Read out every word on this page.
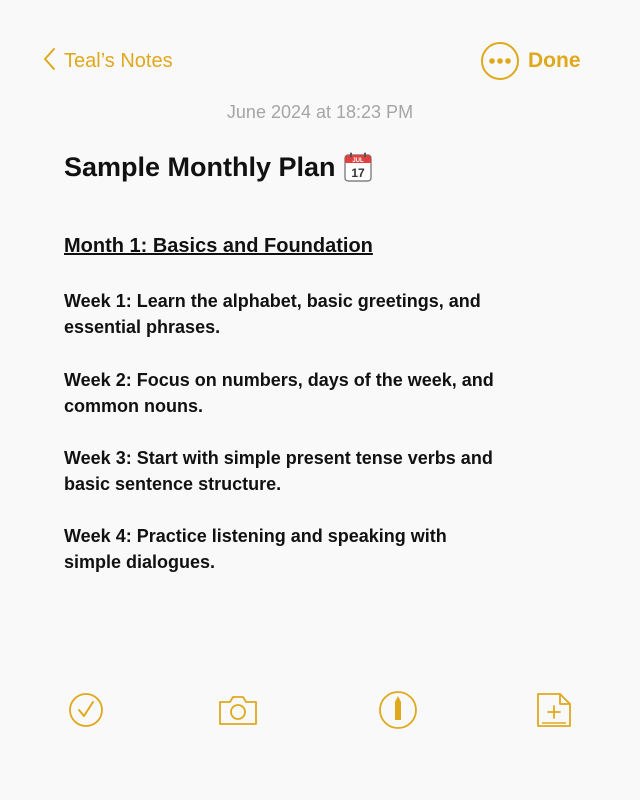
Teal’s Notes	Done
June 2024 at 18:23 PM
Sample Monthly Plan	JUL
17
Month 1: Basics and Foundation
Week 1: Learn the alphabet, basic greetings, and essential phrases.
Week 2: Focus on numbers, days of the week, and common nouns.
Week 3: Start with simple present tense verbs and basic sentence structure.
Week 4: Practice listening and speaking with simple dialogues.
